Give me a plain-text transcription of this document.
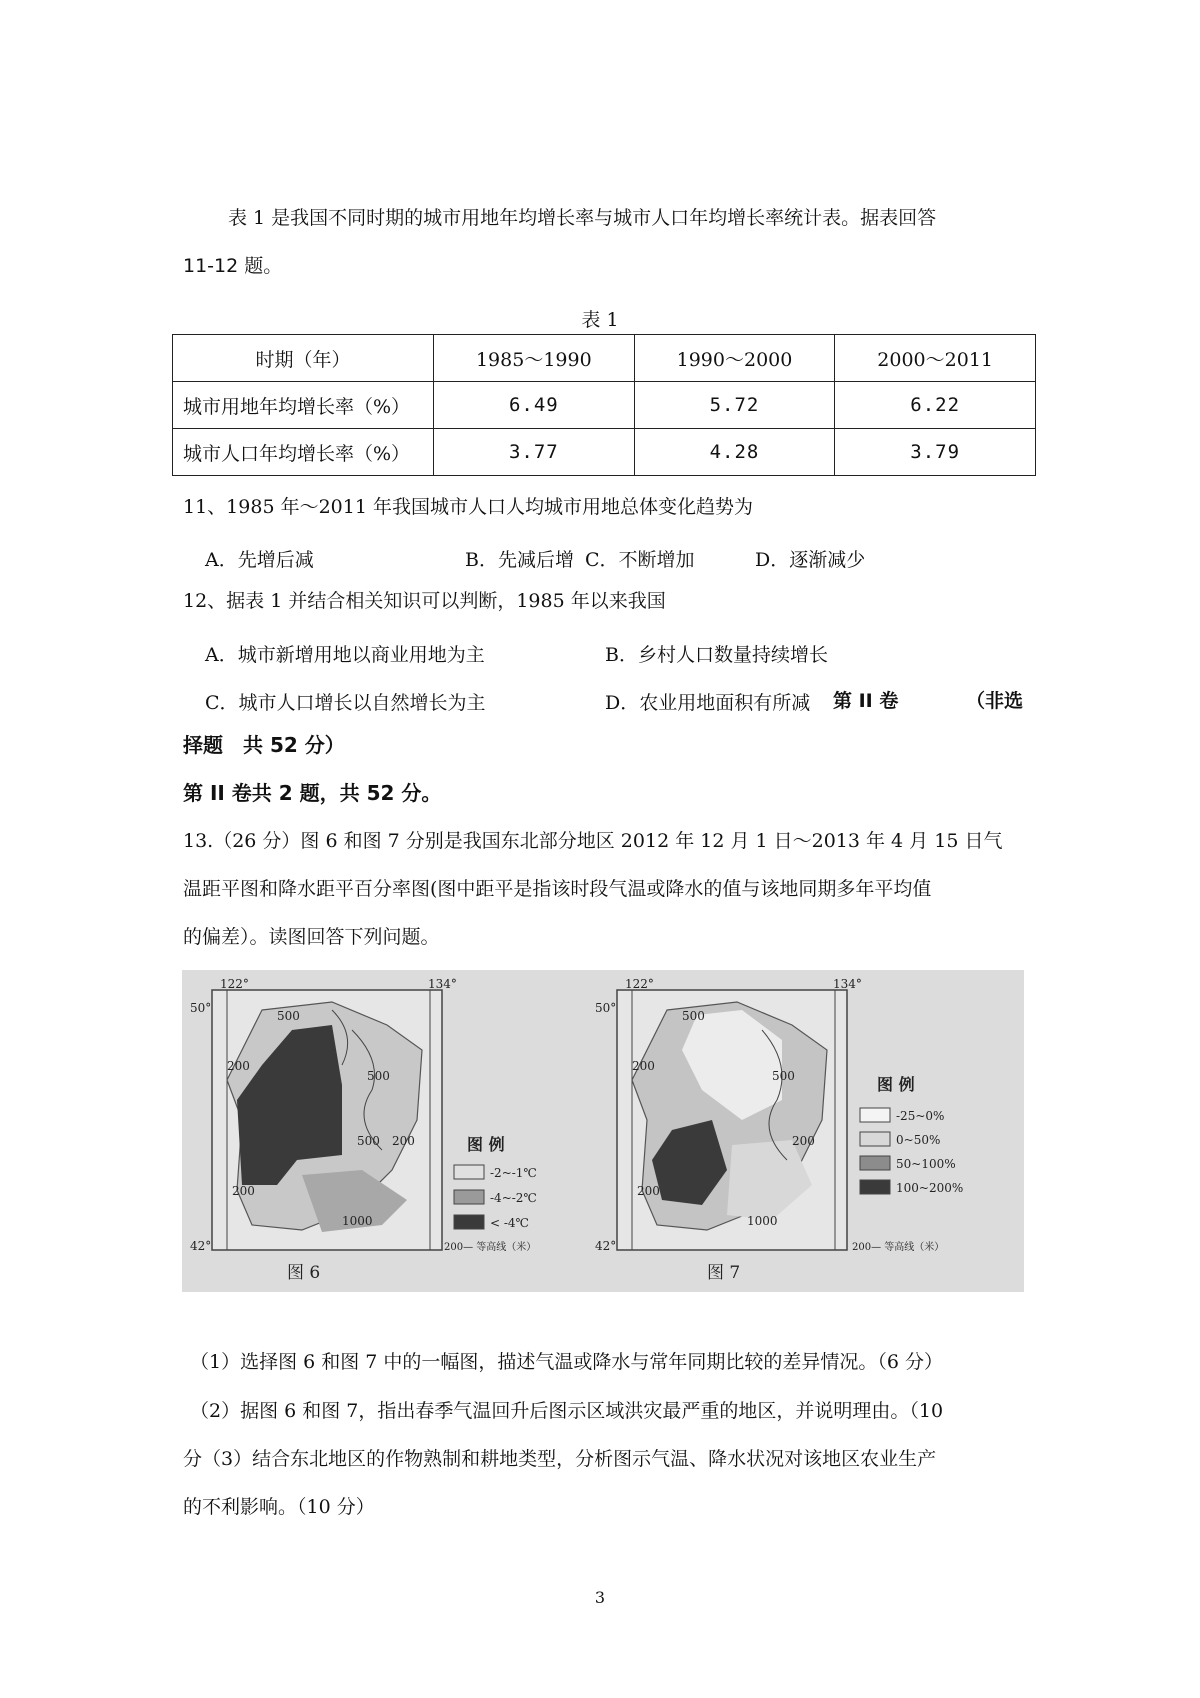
表 1 是我国不同时期的城市用地年均增长率与城市人口年均增长率统计表。据表回答
11-12 题。
表 1
时期（年）	1985～1990	1990～2000	2000～2011
城市用地年均增长率（%）	6.49	5.72	6.22
城市人口年均增长率（%）	3.77	4.28	3.79
11、1985 年～2011 年我国城市人口人均城市用地总体变化趋势为
A．先增后减	B．先减后增 C．不断增加	D．逐渐减少
12、据表 1 并结合相关知识可以判断，1985 年以来我国
A．城市新增用地以商业用地为主	B．乡村人口数量持续增长
C．城市人口增长以自然增长为主	D．农业用地面积有所减 第 II 卷	（非选
择题　共 52 分）
第 II 卷共 2 题，共 52 分。
13.（26 分）图 6 和图 7 分别是我国东北部分地区 2012 年 12 月 1 日～2013 年 4 月 15 日气
温距平图和降水距平百分率图(图中距平是指该时段气温或降水的值与该地同期多年平均值
的偏差）。读图回答下列问题。
122°	134°
50°
42°
500
200
500
500 200
200
1000
图 例
-2~-1℃
-4~-2℃
< -4℃
200— 等高线（米）
图 6
122°	134°
50°
42°
500
200
500
200
200
1000
图 例
-25~0%
0~50%
50~100%
100~200%
200— 等高线（米）
图 7
（1）选择图 6 和图 7 中的一幅图，描述气温或降水与常年同期比较的差异情况。（6 分）
（2）据图 6 和图 7，指出春季气温回升后图示区域洪灾最严重的地区，并说明理由。（10
分（3）结合东北地区的作物熟制和耕地类型，分析图示气温、降水状况对该地区农业生产
的不利影响。（10 分）
3
